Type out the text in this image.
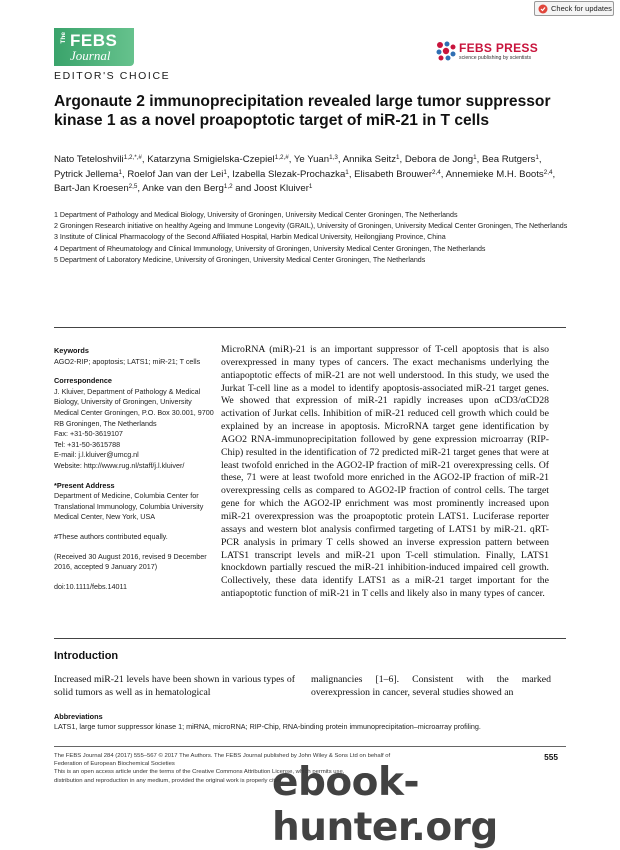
Check for updates
The FEBS
Journal
EDITOR'S CHOICE
FEBS PRESS
science publishing by scientists
Argonaute 2 immunoprecipitation revealed large tumor suppressor kinase 1 as a novel proapoptotic target of miR-21 in T cells
Nato Teteloshvili$^{1,2,*,\#}$, Katarzyna Smigielska-Czepiel$^{1,2,\#}$, Ye Yuan$^{1,3}$, Annika Seitz$^1$, Debora de Jong$^1$, Bea Rutgers$^1$, Pytrick Jellema$^1$, Roelof Jan van der Lei$^1$, Izabella Slezak-Prochazka$^1$, Elisabeth Brouwer$^{2,4}$, Annemieke M.H. Boots$^{2,4}$, Bart-Jan Kroesen$^{2,5}$, Anke van den Berg$^{1,2}$ and Joost Kluiver$^1$
1 Department of Pathology and Medical Biology, University of Groningen, University Medical Center Groningen, The Netherlands
2 Groningen Research initiative on healthy Ageing and Immune Longevity (GRAIL), University of Groningen, University Medical Center Groningen, The Netherlands
3 Institute of Clinical Pharmacology of the Second Affiliated Hospital, Harbin Medical University, Heilongjiang Province, China
4 Department of Rheumatology and Clinical Immunology, University of Groningen, University Medical Center Groningen, The Netherlands
5 Department of Laboratory Medicine, University of Groningen, University Medical Center Groningen, The Netherlands
Keywords
AGO2-RIP; apoptosis; LATS1; miR-21; T cells
Correspondence
J. Kluiver, Department of Pathology & Medical Biology, University of Groningen, University Medical Center Groningen, P.O. Box 30.001, 9700 RB Groningen, The Netherlands
Fax: +31-50-3619107
Tel: +31-50-3615788
E-mail: j.l.kluiver@umcg.nl
Website: http://www.rug.nl/staff/j.l.kluiver/
*Present Address
Department of Medicine, Columbia Center for Translational Immunology, Columbia University Medical Center, New York, USA
#These authors contributed equally.
(Received 30 August 2016, revised 9 December 2016, accepted 9 January 2017)
doi:10.1111/febs.14011
MicroRNA (miR)-21 is an important suppressor of T-cell apoptosis that is also overexpressed in many types of cancers. The exact mechanisms underlying the antiapoptotic effects of miR-21 are not well understood. In this study, we used the Jurkat T-cell line as a model to identify apoptosis-associated miR-21 target genes. We showed that expression of miR-21 rapidly increases upon αCD3/αCD28 activation of Jurkat cells. Inhibition of miR-21 reduced cell growth which could be explained by an increase in apoptosis. MicroRNA target gene identification by AGO2 RNA-immunoprecipitation followed by gene expression microarray (RIP-Chip) resulted in the identification of 72 predicted miR-21 target genes that were at least twofold enriched in the AGO2-IP fraction of miR-21 overexpressing cells. Of these, 71 were at least twofold more enriched in the AGO2-IP fraction of miR-21 overexpressing cells as compared to AGO2-IP fraction of control cells. The target gene for which the AGO2-IP enrichment was most prominently increased upon miR-21 overexpression was the proapoptotic protein LATS1. Luciferase reporter assays and western blot analysis confirmed targeting of LATS1 by miR-21. qRT-PCR analysis in primary T cells showed an inverse expression pattern between LATS1 transcript levels and miR-21 upon T-cell stimulation. Finally, LATS1 knockdown partially rescued the miR-21 inhibition-induced impaired cell growth. Collectively, these data identify LATS1 as a miR-21 target important for the antiapoptotic function of miR-21 in T cells and likely also in many types of cancer.
Introduction
Increased miR-21 levels have been shown in various types of solid tumors as well as in hematological
malignancies [1–6]. Consistent with the marked overexpression in cancer, several studies showed an
Abbreviations
LATS1, large tumor suppressor kinase 1; miRNA, microRNA; RIP-Chip, RNA-binding protein immunoprecipitation–microarray profiling.
The FEBS Journal 284 (2017) 555–567 © 2017 The Authors. The FEBS Journal published by John Wiley & Sons Ltd on behalf of
Federation of European Biochemical Societies
This is an open access article under the terms of the Creative Commons Attribution License, which permits use,
distribution and reproduction in any medium, provided the original work is properly cited.
555
ebook-hunter.org
